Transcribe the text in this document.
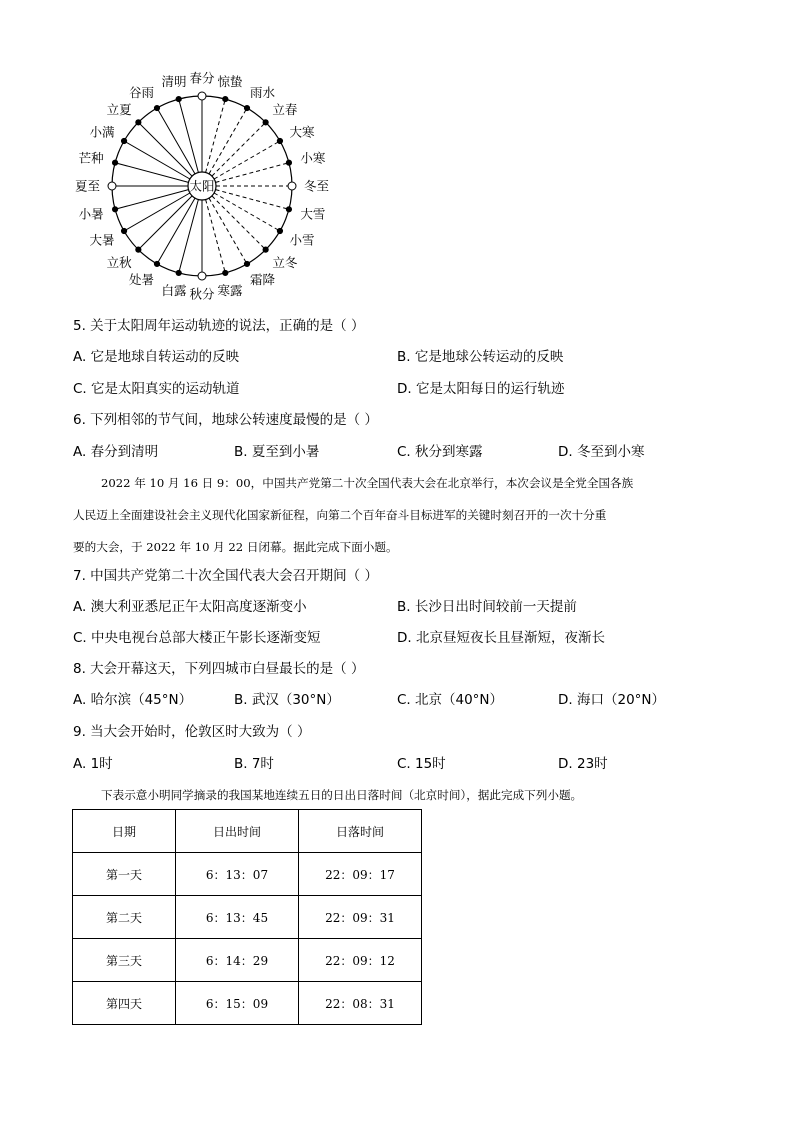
太阳
春分 惊蛰
雨水
立春
大寒
小寒
冬至
大雪
小雪
立冬
霜降
寒露
秋分
白露
处暑
立秋
大暑
小暑
夏至
芒种
小满
立夏
谷雨
清明
5. 关于太阳周年运动轨迹的说法，正确的是（ ）
A. 它是地球自转运动的反映	B. 它是地球公转运动的反映
C. 它是太阳真实的运动轨道	D. 它是太阳每日的运行轨迹
6. 下列相邻的节气间，地球公转速度最慢的是（ ）
A. 春分到清明	B. 夏至到小暑	C. 秋分到寒露	D. 冬至到小寒

2022 年 10 月 16 日 9：00，中国共产党第二十次全国代表大会在北京举行，本次会议是全党全国各族

人民迈上全面建设社会主义现代化国家新征程，向第二个百年奋斗目标进军的关键时刻召开的一次十分重

要的大会，于 2022 年 10 月 22 日闭幕。据此完成下面小题。

7. 中国共产党第二十次全国代表大会召开期间（ ）
A. 澳大利亚悉尼正午太阳高度逐渐变小	B. 长沙日出时间较前一天提前
C. 中央电视台总部大楼正午影长逐渐变短	D. 北京昼短夜长且昼渐短，夜渐长
8. 大会开幕这天，下列四城市白昼最长的是（ ）
A. 哈尔滨（45°N）	B. 武汉（30°N）	C. 北京（40°N）	D. 海口（20°N）
9. 当大会开始时，伦敦区时大致为（ ）
A. 1时	B. 7时	C. 15时	D. 23时
下表示意小明同学摘录的我国某地连续五日的日出日落时间（北京时间），据此完成下列小题。
日期	日出时间	日落时间
第一天	6：13：07	22：09：17
第二天	6：13：45	22：09：31
第三天	6：14：29	22：09：12
第四天	6：15：09	22：08：31
